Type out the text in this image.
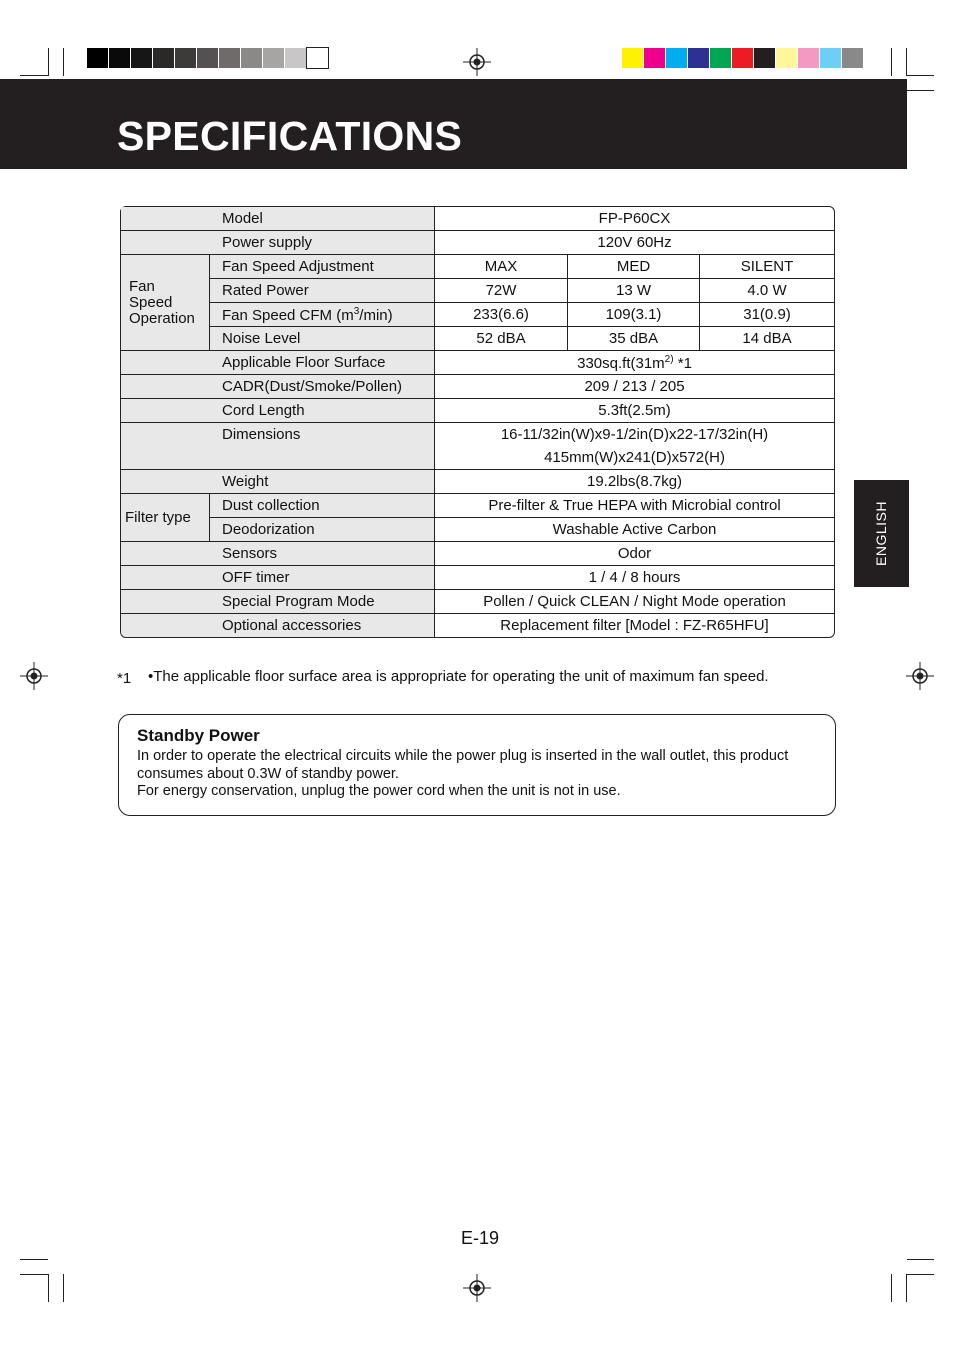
SPECIFICATIONS
	Model	FP-P60CX		
	Power supply	120V 60Hz		

Fan
Speed
Operation	Fan Speed Adjustment	MAX	MED	SILENT
	Rated Power	72W	13 W	4.0 W
	Fan Speed CFM $(m^3/\min)$	233(6.6)	109(3.1)	31(0.9)
	Noise Level	52 dBA	35 dBA	14 dBA
	Applicable Floor Surface	$330sq.ft(31m^{2)}$ *1		
	CADR(Dust/Smoke/Pollen)	209 / 213 / 205		
	Cord Length	5.3ft(2.5m)		
	Dimensions	16-11/32in(W)x9-1/2in(D)x22-17/32in(H)
415mm(W)x241(D)x572(H)		

	Weight	19.2lbs(8.7kg)		
Filter type	Dust collection	Pre-filter & True HEPA with Microbial control		
	Deodorization	Washable Active Carbon		
	Sensors	Odor		
	OFF timer	1 / 4 / 8 hours		
	Special Program Mode	Pollen / Quick CLEAN / Night Mode operation		
	Optional accessories	Replacement filter [Model : FZ-R65HFU]		
*1 •The applicable floor surface area is appropriate for operating the unit of maximum fan speed.
Standby Power
In order to operate the electrical circuits while the power plug is inserted in the wall outlet, this product consumes about 0.3W of standby power.
For energy conservation, unplug the power cord when the unit is not in use.
ENGLISH
E-19
